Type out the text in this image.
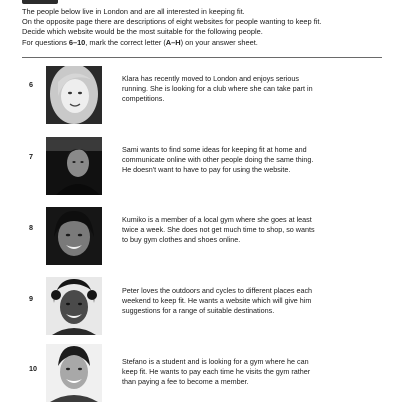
The people below live in London and are all interested in keeping fit.
On the opposite page there are descriptions of eight websites for people wanting to keep fit.
Decide which website would be the most suitable for the following people.
For questions 6–10, mark the correct letter (A–H) on your answer sheet.
6
Klara has recently moved to London and enjoys serious
running. She is looking for a club where she can take part in
competitions.
7
Sami wants to find some ideas for keeping fit at home and
communicate online with other people doing the same thing.
He doesn't want to have to pay for using the website.
8
Kumiko is a member of a local gym where she goes at least
twice a week. She does not get much time to shop, so wants
to buy gym clothes and shoes online.
9
Peter loves the outdoors and cycles to different places each
weekend to keep fit. He wants a website which will give him
suggestions for a range of suitable destinations.
10
Stefano is a student and is looking for a gym where he can
keep fit. He wants to pay each time he visits the gym rather
than paying a fee to become a member.
